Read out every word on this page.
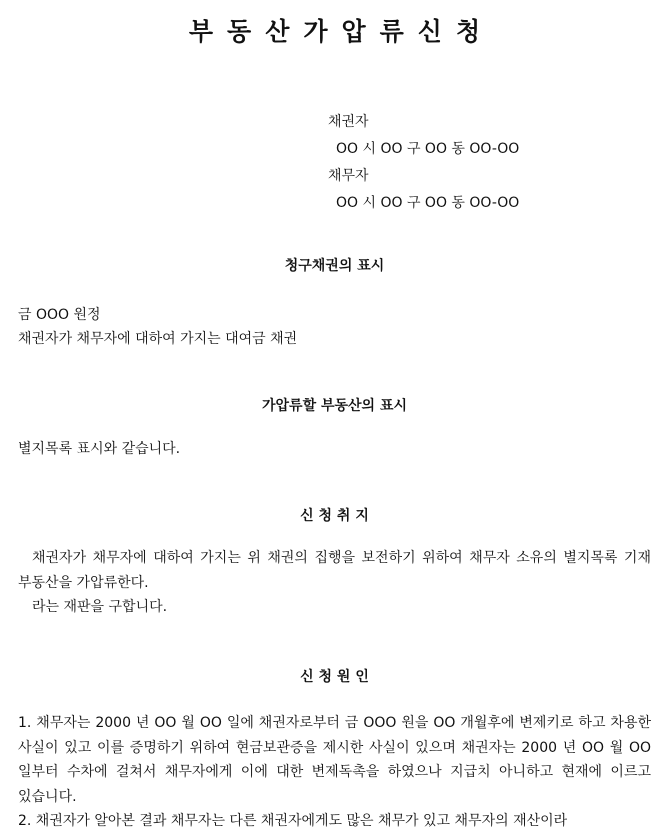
부동산가압류신청
채권자
OO 시 OO 구 OO 동 OO-OO
채무자
OO 시 OO 구 OO 동 OO-OO
청구채권의 표시
금 OOO 원정
채권자가 채무자에 대하여 가지는 대여금 채권
가압류할 부동산의 표시
별지목록 표시와 같습니다.
신 청 취 지

채권자가 채무자에 대하여 가지는 위 채권의 집행을 보전하기 위하여 채무자 소유의 별지목록 기재 부동산을 가압류한다.

라는 재판을 구합니다.

신 청 원 인

1. 채무자는 2000 년 OO 월 OO 일에 채권자로부터 금 OOO 원을 OO 개월후에 변제키로 하고 차용한 사실이 있고 이를 증명하기 위하여 현금보관증을 제시한 사실이 있으며 채권자는 2000 년 OO 월 OO 일부터 수차에 걸쳐서 채무자에게 이에 대한 변제독촉을 하였으나 지급치 아니하고 현재에 이르고 있습니다.

2. 채권자가 알아본 결과 채무자는 다른 채권자에게도 많은 채무가 있고 채무자의 재산이라
